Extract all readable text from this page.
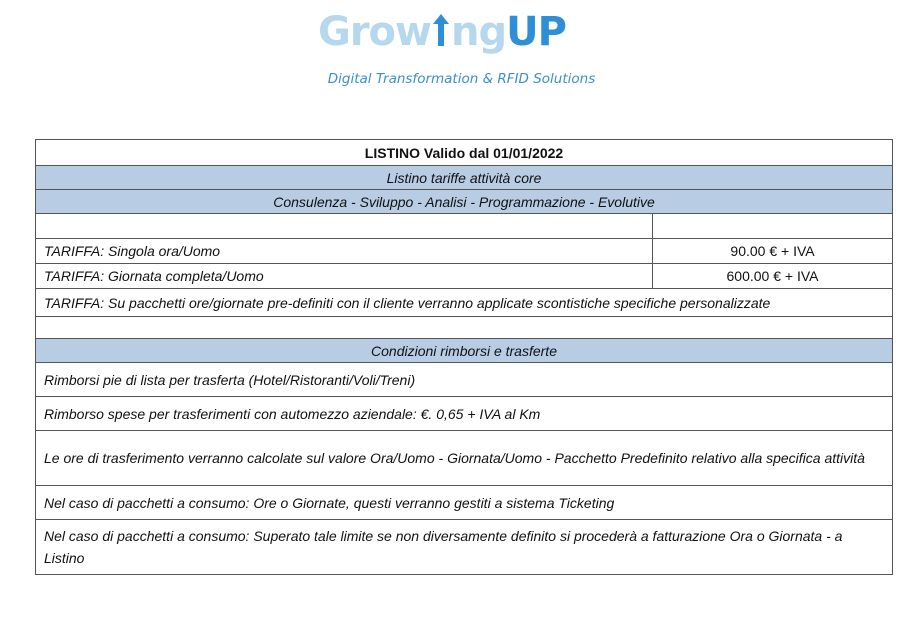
Grow ng UP
Digital Transformation & RFID Solutions
LISTINO Valido dal 01/01/2022	
Listino tariffe attività core	
Consulenza - Sviluppo - Analisi - Programmazione - Evolutive	

TARIFFA: Singola ora/Uomo	90.00 € + IVA
TARIFFA: Giornata completa/Uomo	600.00 € + IVA
TARIFFA: Su pacchetti ore/giornate pre-definiti con il cliente verranno applicate scontistiche specifiche personalizzate	

Condizioni rimborsi e trasferte	
Rimborsi pie di lista per trasferta (Hotel/Ristoranti/Voli/Treni)	
Rimborso spese per trasferimenti con automezzo aziendale: €. 0,65 + IVA al Km	
Le ore di trasferimento verranno calcolate sul valore Ora/Uomo - Giornata/Uomo - Pacchetto Predefinito relativo alla specifica attività	
Nel caso di pacchetti a consumo: Ore o Giornate, questi verranno gestiti a sistema Ticketing	
Nel caso di pacchetti a consumo: Superato tale limite se non diversamente definito si procederà a fatturazione Ora o Giornata - a Listino	
